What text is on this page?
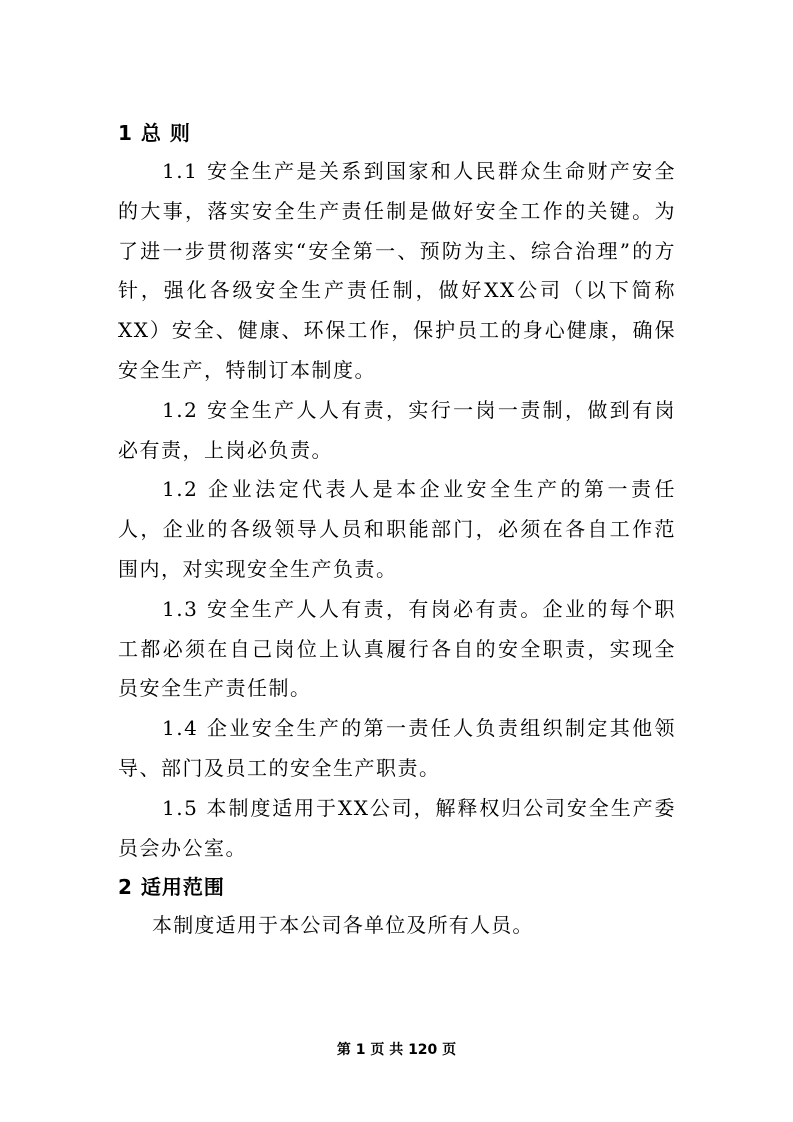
1 总 则

1.1 安全生产是关系到国家和人民群众生命财产安全的大事，落实安全生产责任制是做好安全工作的关键。为了进一步贯彻落实“安全第一、预防为主、综合治理”的方针，强化各级安全生产责任制，做好XX公司（以下简称XX）安全、健康、环保工作，保护员工的身心健康，确保安全生产，特制订本制度。

1.2 安全生产人人有责，实行一岗一责制，做到有岗必有责，上岗必负责。

1.2 企业法定代表人是本企业安全生产的第一责任人，企业的各级领导人员和职能部门，必须在各自工作范围内，对实现安全生产负责。

1.3 安全生产人人有责，有岗必有责。企业的每个职工都必须在自己岗位上认真履行各自的安全职责，实现全员安全生产责任制。

1.4 企业安全生产的第一责任人负责组织制定其他领导、部门及员工的安全生产职责。

1.5 本制度适用于XX公司，解释权归公司安全生产委员会办公室。

2 适用范围

本制度适用于本公司各单位及所有人员。

第 1 页 共 120 页
